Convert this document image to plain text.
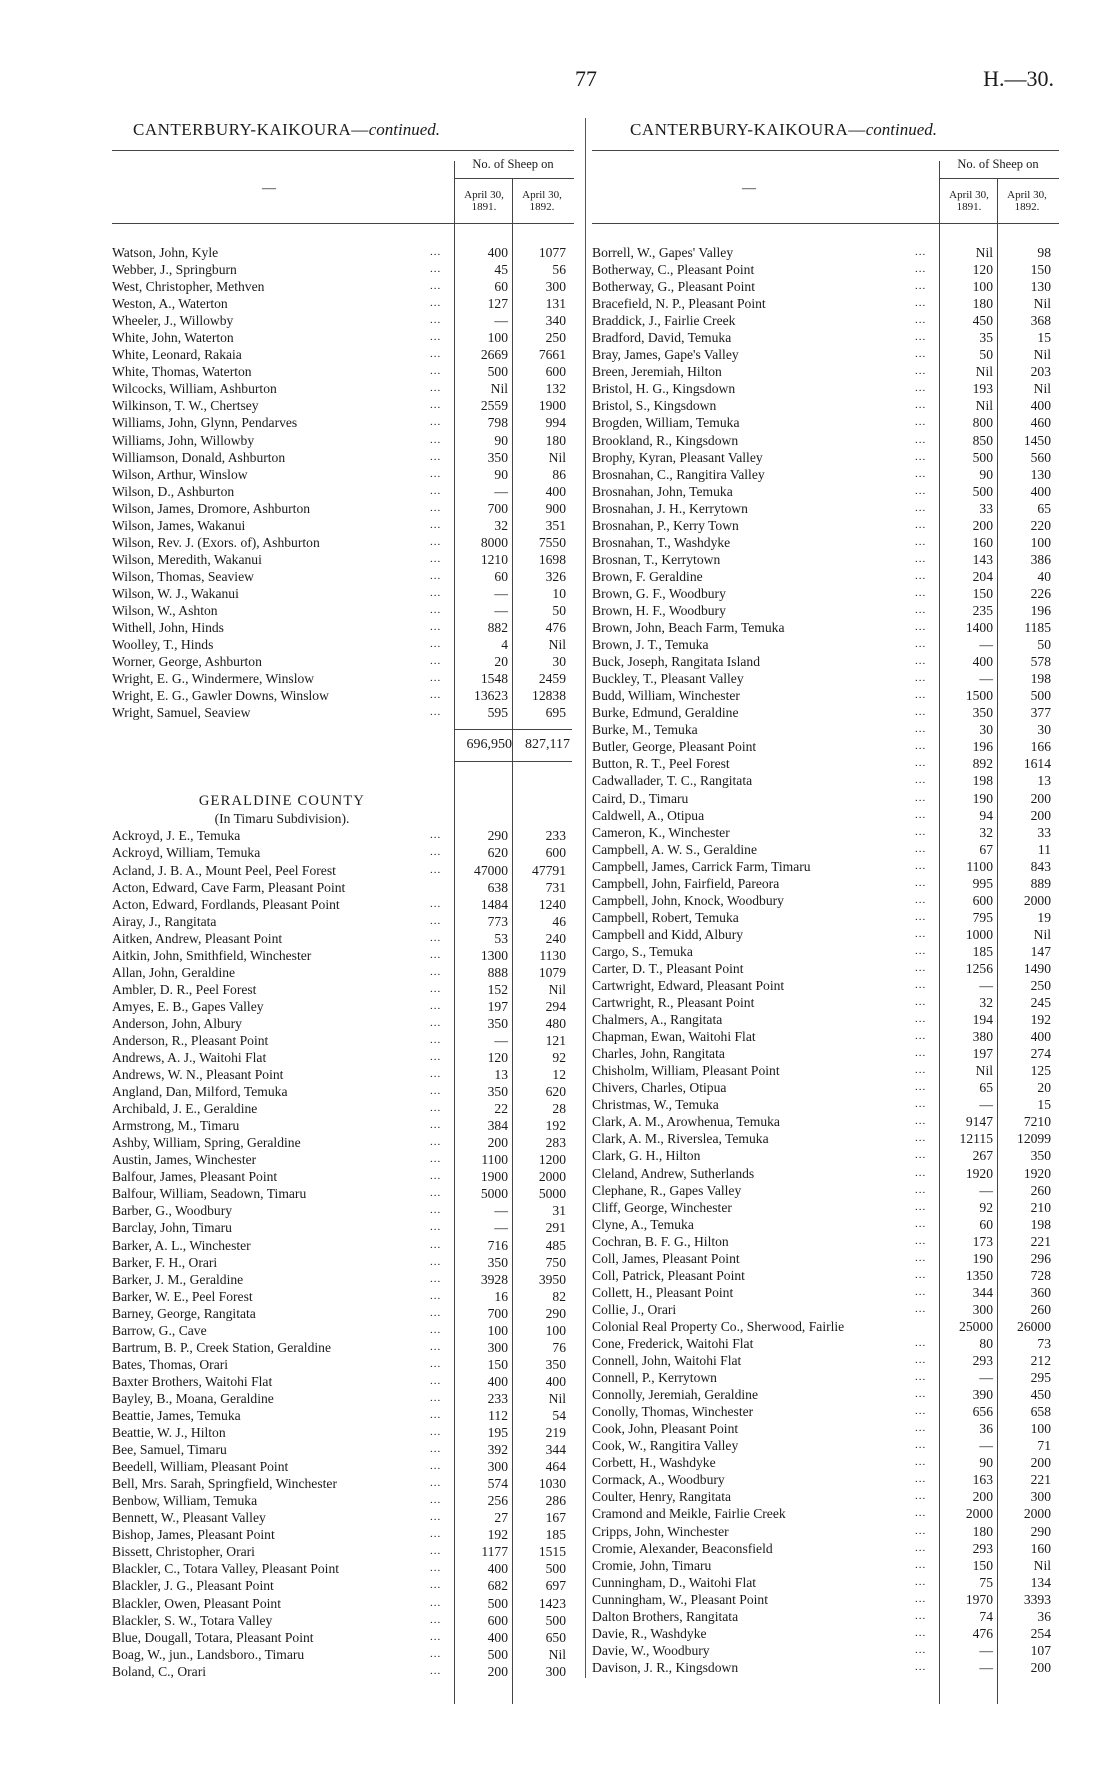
77	H.—30.
CANTERBURY-KAIKOURA—continued.	CANTERBURY-KAIKOURA—continued.
—
No. of Sheep on
April 30, 1891.
April 30, 1892.
Watson, John, Kyle	...	400	1077
Webber, J., Springburn	...	45	56
West, Christopher, Methven	...	60	300
Weston, A., Waterton	...	127	131
Wheeler, J., Willowby	...	—	340
White, John, Waterton	...	100	250
White, Leonard, Rakaia	...	2669	7661
White, Thomas, Waterton	...	500	600
Wilcocks, William, Ashburton	...	Nil	132
Wilkinson, T. W., Chertsey	...	2559	1900
Williams, John, Glynn, Pendarves	...	798	994
Williams, John, Willowby	...	90	180
Williamson, Donald, Ashburton	...	350	Nil
Wilson, Arthur, Winslow	...	90	86
Wilson, D., Ashburton	...	—	400
Wilson, James, Dromore, Ashburton	...	700	900
Wilson, James, Wakanui	...	32	351
Wilson, Rev. J. (Exors. of), Ashburton	...	8000	7550
Wilson, Meredith, Wakanui	...	1210	1698
Wilson, Thomas, Seaview	...	60	326
Wilson, W. J., Wakanui	...	—	10
Wilson, W., Ashton	...	—	50
Withell, John, Hinds	...	882	476
Woolley, T., Hinds	...	4	Nil
Worner, George, Ashburton	...	20	30
Wright, E. G., Windermere, Winslow	...	1548	2459
Wright, E. G., Gawler Downs, Winslow	...	13623	12838
Wright, Samuel, Seaview	...	595	695
696,950 827,117
GERALDINE COUNTY
(In Timaru Subdivision).
Ackroyd, J. E., Temuka	...	290	233
Ackroyd, William, Temuka	...	620	600
Acland, J. B. A., Mount Peel, Peel Forest	...	47000	47791
Acton, Edward, Cave Farm, Pleasant Point	638	731
Acton, Edward, Fordlands, Pleasant Point	...	1484	1240
Airay, J., Rangitata	...	773	46
Aitken, Andrew, Pleasant Point	...	53	240
Aitkin, John, Smithfield, Winchester	...	1300	1130
Allan, John, Geraldine	...	888	1079
Ambler, D. R., Peel Forest	...	152	Nil
Amyes, E. B., Gapes Valley	...	197	294
Anderson, John, Albury	...	350	480
Anderson, R., Pleasant Point	...	—	121
Andrews, A. J., Waitohi Flat	...	120	92
Andrews, W. N., Pleasant Point	...	13	12
Angland, Dan, Milford, Temuka	...	350	620
Archibald, J. E., Geraldine	...	22	28
Armstrong, M., Timaru	...	384	192
Ashby, William, Spring, Geraldine	...	200	283
Austin, James, Winchester	...	1100	1200
Balfour, James, Pleasant Point	...	1900	2000
Balfour, William, Seadown, Timaru	...	5000	5000
Barber, G., Woodbury	...	—	31
Barclay, John, Timaru	...	—	291
Barker, A. L., Winchester	...	716	485
Barker, F. H., Orari	...	350	750
Barker, J. M., Geraldine	...	3928	3950
Barker, W. E., Peel Forest	...	16	82
Barney, George, Rangitata	...	700	290
Barrow, G., Cave	...	100	100
Bartrum, B. P., Creek Station, Geraldine	...	300	76
Bates, Thomas, Orari	...	150	350
Baxter Brothers, Waitohi Flat	...	400	400
Bayley, B., Moana, Geraldine	...	233	Nil
Beattie, James, Temuka	...	112	54
Beattie, W. J., Hilton	...	195	219
Bee, Samuel, Timaru	...	392	344
Beedell, William, Pleasant Point	...	300	464
Bell, Mrs. Sarah, Springfield, Winchester	...	574	1030
Benbow, William, Temuka	...	256	286
Bennett, W., Pleasant Valley	...	27	167
Bishop, James, Pleasant Point	...	192	185
Bissett, Christopher, Orari	...	1177	1515
Blackler, C., Totara Valley, Pleasant Point	...	400	500
Blackler, J. G., Pleasant Point	...	682	697
Blackler, Owen, Pleasant Point	...	500	1423
Blackler, S. W., Totara Valley	...	600	500
Blue, Dougall, Totara, Pleasant Point	...	400	650
Boag, W., jun., Landsboro., Timaru	...	500	Nil
Boland, C., Orari	...	200	300
—
No. of Sheep on
April 30, 1891.
April 30, 1892.
Borrell, W., Gapes' Valley	...	Nil	98
Botherway, C., Pleasant Point	...	120	150
Botherway, G., Pleasant Point	...	100	130
Bracefield, N. P., Pleasant Point	...	180	Nil
Braddick, J., Fairlie Creek	...	450	368
Bradford, David, Temuka	...	35	15
Bray, James, Gape's Valley	...	50	Nil
Breen, Jeremiah, Hilton	...	Nil	203
Bristol, H. G., Kingsdown	...	193	Nil
Bristol, S., Kingsdown	...	Nil	400
Brogden, William, Temuka	...	800	460
Brookland, R., Kingsdown	...	850	1450
Brophy, Kyran, Pleasant Valley	...	500	560
Brosnahan, C., Rangitira Valley	...	90	130
Brosnahan, John, Temuka	...	500	400
Brosnahan, J. H., Kerrytown	...	33	65
Brosnahan, P., Kerry Town	...	200	220
Brosnahan, T., Washdyke	...	160	100
Brosnan, T., Kerrytown	...	143	386
Brown, F. Geraldine	...	204	40
Brown, G. F., Woodbury	...	150	226
Brown, H. F., Woodbury	...	235	196
Brown, John, Beach Farm, Temuka	...	1400	1185
Brown, J. T., Temuka	...	—	50
Buck, Joseph, Rangitata Island	...	400	578
Buckley, T., Pleasant Valley	...	—	198
Budd, William, Winchester	...	1500	500
Burke, Edmund, Geraldine	...	350	377
Burke, M., Temuka	...	30	30
Butler, George, Pleasant Point	...	196	166
Button, R. T., Peel Forest	...	892	1614
Cadwallader, T. C., Rangitata	...	198	13
Caird, D., Timaru	...	190	200
Caldwell, A., Otipua	...	94	200
Cameron, K., Winchester	...	32	33
Campbell, A. W. S., Geraldine	...	67	11
Campbell, James, Carrick Farm, Timaru	...	1100	843
Campbell, John, Fairfield, Pareora	...	995	889
Campbell, John, Knock, Woodbury	...	600	2000
Campbell, Robert, Temuka	...	795	19
Campbell and Kidd, Albury	...	1000	Nil
Cargo, S., Temuka	...	185	147
Carter, D. T., Pleasant Point	...	1256	1490
Cartwright, Edward, Pleasant Point	...	—	250
Cartwright, R., Pleasant Point	...	32	245
Chalmers, A., Rangitata	...	194	192
Chapman, Ewan, Waitohi Flat	...	380	400
Charles, John, Rangitata	...	197	274
Chisholm, William, Pleasant Point	...	Nil	125
Chivers, Charles, Otipua	...	65	20
Christmas, W., Temuka	...	—	15
Clark, A. M., Arowhenua, Temuka	...	9147	7210
Clark, A. M., Riverslea, Temuka	...	12115	12099
Clark, G. H., Hilton	...	267	350
Cleland, Andrew, Sutherlands	...	1920	1920
Clephane, R., Gapes Valley	...	—	260
Cliff, George, Winchester	...	92	210
Clyne, A., Temuka	...	60	198
Cochran, B. F. G., Hilton	...	173	221
Coll, James, Pleasant Point	...	190	296
Coll, Patrick, Pleasant Point	...	1350	728
Collett, H., Pleasant Point	...	344	360
Collie, J., Orari	...	300	260
Colonial Real Property Co., Sherwood, Fairlie	25000	26000
Cone, Frederick, Waitohi Flat	...	80	73
Connell, John, Waitohi Flat	...	293	212
Connell, P., Kerrytown	...	—	295
Connolly, Jeremiah, Geraldine	...	390	450
Conolly, Thomas, Winchester	...	656	658
Cook, John, Pleasant Point	...	36	100
Cook, W., Rangitira Valley	...	—	71
Corbett, H., Washdyke	...	90	200
Cormack, A., Woodbury	...	163	221
Coulter, Henry, Rangitata	...	200	300
Cramond and Meikle, Fairlie Creek	...	2000	2000
Cripps, John, Winchester	...	180	290
Cromie, Alexander, Beaconsfield	...	293	160
Cromie, John, Timaru	...	150	Nil
Cunningham, D., Waitohi Flat	...	75	134
Cunningham, W., Pleasant Point	...	1970	3393
Dalton Brothers, Rangitata	...	74	36
Davie, R., Washdyke	...	476	254
Davie, W., Woodbury	...	—	107
Davison, J. R., Kingsdown	...	—	200
